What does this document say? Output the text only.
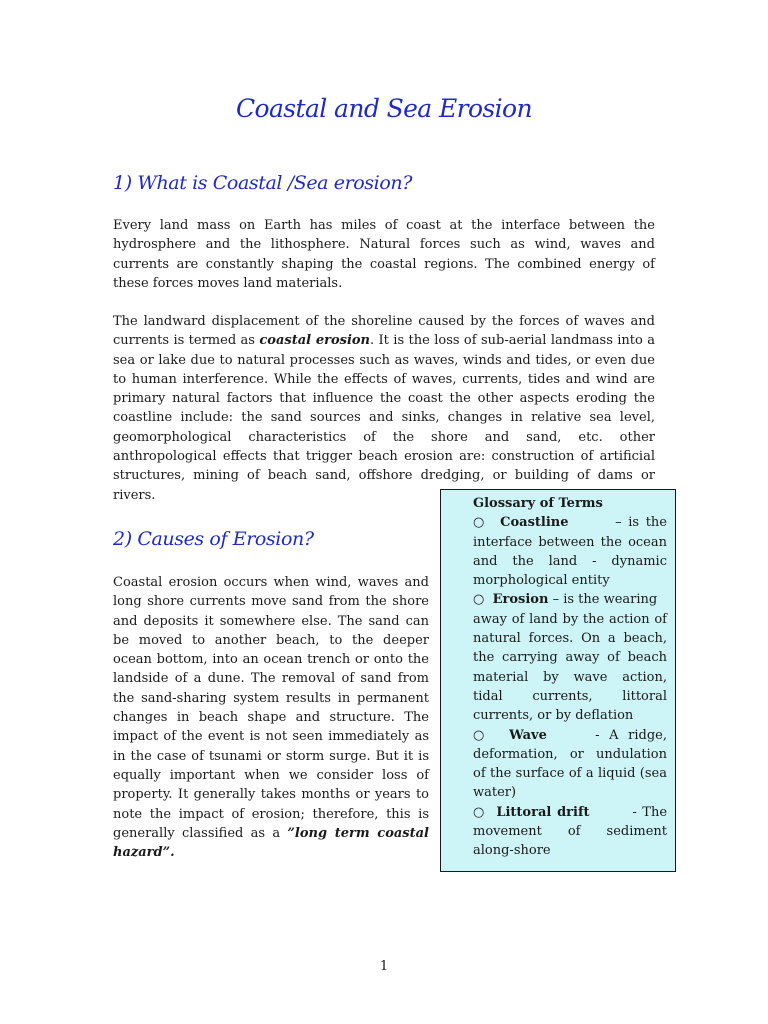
Coastal and Sea Erosion
1) What is Coastal /Sea erosion?
Every land mass on Earth has miles of coast at the interface between the
hydrosphere and the lithosphere. Natural forces such as wind, waves and
currents are constantly shaping the coastal regions. The combined energy of
these forces moves land materials.
The landward displacement of the shoreline caused by the forces of waves and
currents is termed as coastal erosion. It is the loss of sub-aerial landmass into a
sea or lake due to natural processes such as waves, winds and tides, or even due
to human interference. While the effects of waves, currents, tides and wind are
primary natural factors that influence the coast the other aspects eroding the
coastline include: the sand sources and sinks, changes in relative sea level,
geomorphological characteristics of the shore and sand, etc. other
anthropological effects that trigger beach erosion are: construction of artificial
structures, mining of beach sand, offshore dredging, or building of dams or
rivers.
2) Causes of Erosion?
Coastal erosion occurs when wind, waves and
long shore currents move sand from the shore
and deposits it somewhere else. The sand can
be moved to another beach, to the deeper
ocean bottom, into an ocean trench or onto the
landside of a dune. The removal of sand from
the sand-sharing system results in permanent
changes in beach shape and structure. The
impact of the event is not seen immediately as
in the case of tsunami or storm surge. But it is
equally important when we consider loss of
property. It generally takes months or years to
note the impact of erosion; therefore, this is
generally classified as a ”long term coastal
hazard”.
Glossary of Terms
○ Coastline	– is the
interface between the ocean
and the land - dynamic
morphological entity
○ Erosion – is the wearing
away of land by the action of
natural forces. On a beach,
the carrying away of beach
material by wave action,
tidal currents, littoral
currents, or by deflation
○ Wave	- A ridge,
deformation, or undulation
of the surface of a liquid (sea
water)
○ Littoral drift	- The
movement of sediment
along-shore
1
